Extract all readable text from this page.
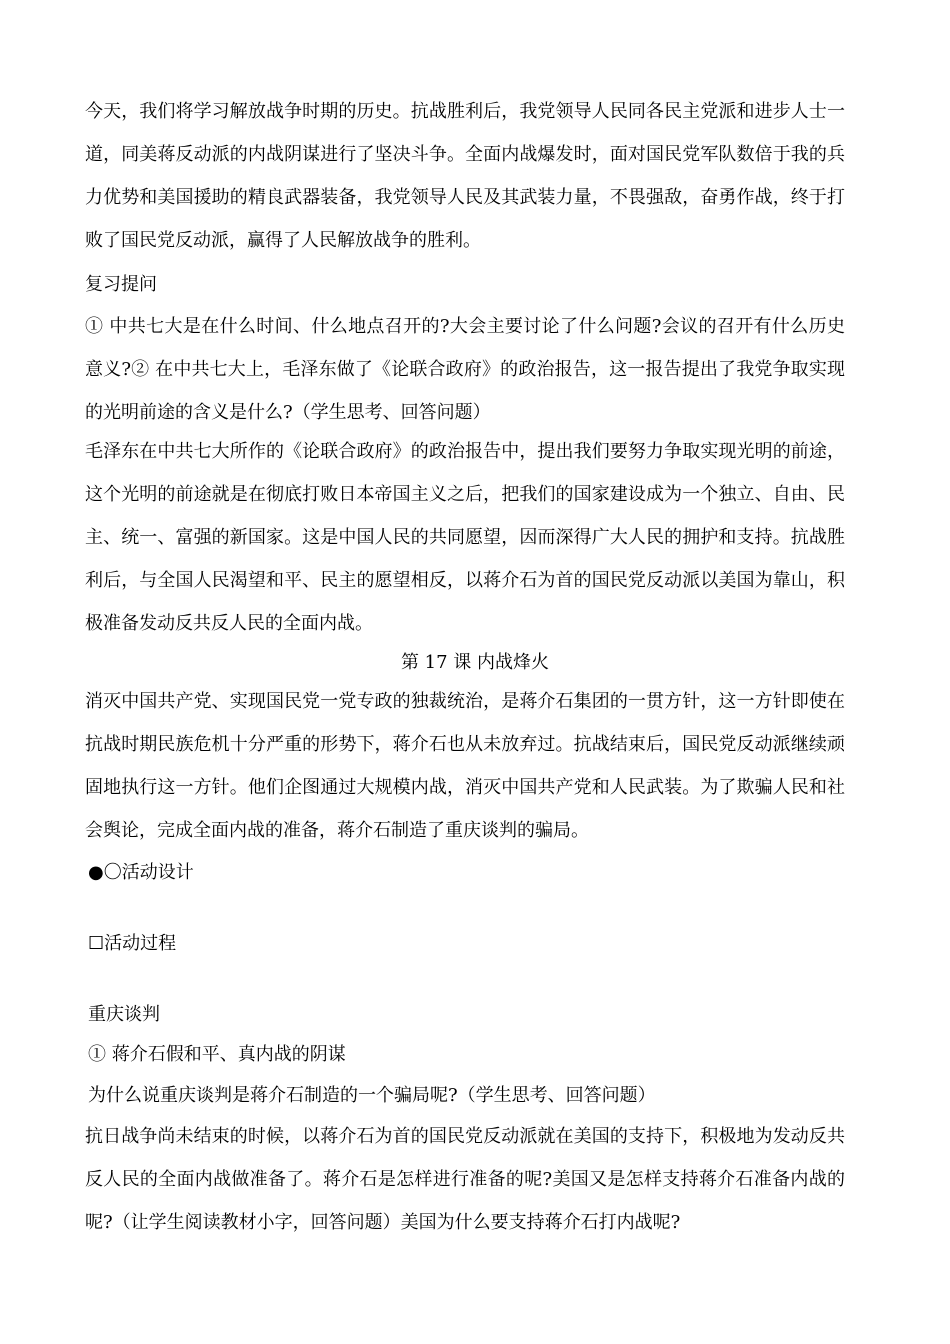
今天，我们将学习解放战争时期的历史。抗战胜利后，我党领导人民同各民主党派和进步人士一道，同美蒋反动派的内战阴谋进行了坚决斗争。全面内战爆发时，面对国民党军队数倍于我的兵力优势和美国援助的精良武器装备，我党领导人民及其武装力量，不畏强敌，奋勇作战，终于打败了国民党反动派，赢得了人民解放战争的胜利。

复习提问

① 中共七大是在什么时间、什么地点召开的?大会主要讨论了什么问题?会议的召开有什么历史意义?② 在中共七大上，毛泽东做了《论联合政府》的政治报告，这一报告提出了我党争取实现的光明前途的含义是什么?（学生思考、回答问题）

毛泽东在中共七大所作的《论联合政府》的政治报告中，提出我们要努力争取实现光明的前途，这个光明的前途就是在彻底打败日本帝国主义之后，把我们的国家建设成为一个独立、自由、民主、统一、富强的新国家。这是中国人民的共同愿望，因而深得广大人民的拥护和支持。抗战胜利后，与全国人民渴望和平、民主的愿望相反，以蒋介石为首的国民党反动派以美国为靠山，积极准备发动反共反人民的全面内战。

第 17 课 内战烽火

消灭中国共产党、实现国民党一党专政的独裁统治，是蒋介石集团的一贯方针，这一方针即使在抗战时期民族危机十分严重的形势下，蒋介石也从未放弃过。抗战结束后，国民党反动派继续顽固地执行这一方针。他们企图通过大规模内战，消灭中国共产党和人民武装。为了欺骗人民和社会舆论，完成全面内战的准备，蒋介石制造了重庆谈判的骗局。

●〇活动设计
☐活动过程

重庆谈判

① 蒋介石假和平、真内战的阴谋

为什么说重庆谈判是蒋介石制造的一个骗局呢?（学生思考、回答问题）

抗日战争尚未结束的时候，以蒋介石为首的国民党反动派就在美国的支持下，积极地为发动反共反人民的全面内战做准备了。蒋介石是怎样进行准备的呢?美国又是怎样支持蒋介石准备内战的呢?（让学生阅读教材小字，回答问题）美国为什么要支持蒋介石打内战呢?
